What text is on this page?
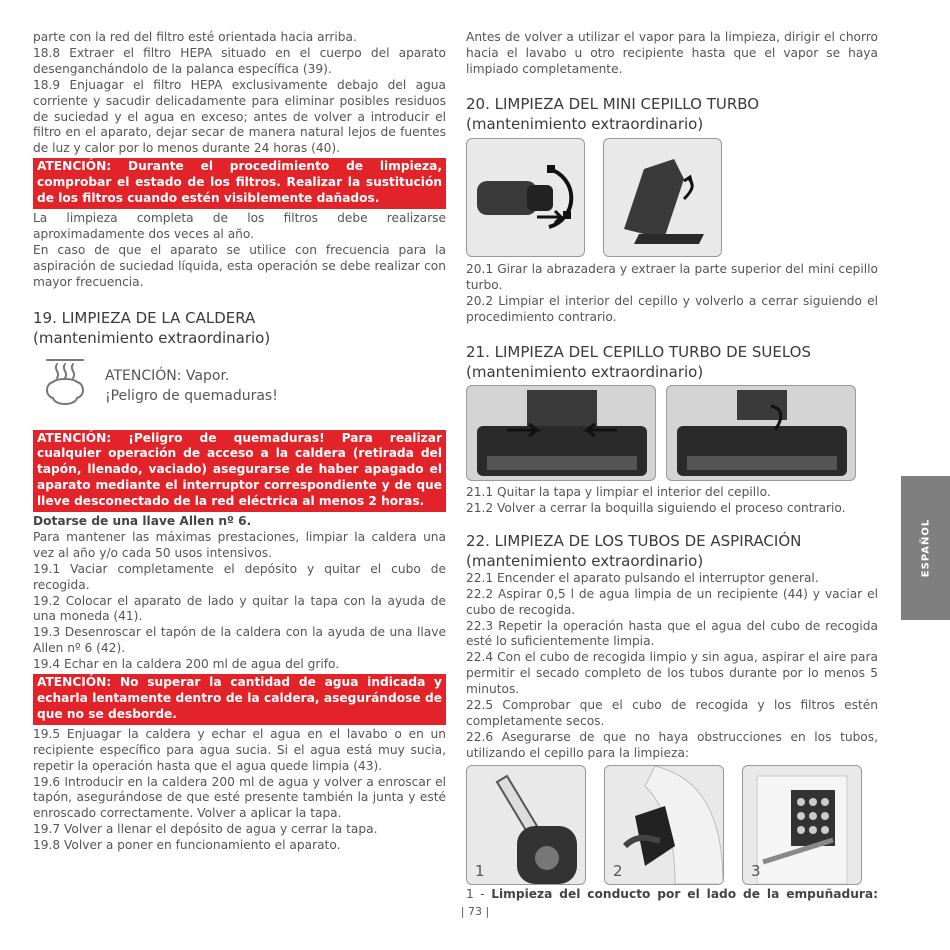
parte con la red del filtro esté orientada hacia arriba.

18.8 Extraer el filtro HEPA situado en el cuerpo del aparato desenganchándolo de la palanca específica (39).

18.9 Enjuagar el filtro HEPA exclusivamente debajo del agua corriente y sacudir delicadamente para eliminar posibles residuos de suciedad y el agua en exceso; antes de volver a introducir el filtro en el aparato, dejar secar de manera natural lejos de fuentes de luz y calor por lo menos durante 24 horas (40).

ATENCIÓN: Durante el procedimiento de limpieza, comprobar el estado de los filtros. Realizar la sustitución de los filtros cuando estén visiblemente dañados.

La limpieza completa de los filtros debe realizarse aproximadamente dos veces al año.

En caso de que el aparato se utilice con frecuencia para la aspiración de suciedad líquida, esta operación se debe realizar con mayor frecuencia.

19. LIMPIEZA DE LA CALDERA
(mantenimiento extraordinario)
ATENCIÓN: Vapor.
¡Peligro de quemaduras!
ATENCIÓN: ¡Peligro de quemaduras! Para realizar cualquier operación de acceso a la caldera (retirada del tapón, llenado, vaciado) asegurarse de haber apagado el aparato mediante el interruptor correspondiente y de que lleve desconectado de la red eléctrica al menos 2 horas.

Dotarse de una llave Allen nº 6.

Para mantener las máximas prestaciones, limpiar la caldera una vez al año y/o cada 50 usos intensivos.

19.1 Vaciar completamente el depósito y quitar el cubo de recogida.

19.2 Colocar el aparato de lado y quitar la tapa con la ayuda de una moneda (41).

19.3 Desenroscar el tapón de la caldera con la ayuda de una llave Allen nº 6 (42).

19.4 Echar en la caldera 200 ml de agua del grifo.

ATENCIÓN: No superar la cantidad de agua indicada y echarla lentamente dentro de la caldera, asegurándose de que no se desborde.

19.5 Enjuagar la caldera y echar el agua en el lavabo o en un recipiente específico para agua sucia. Si el agua está muy sucia, repetir la operación hasta que el agua quede limpia (43).

19.6 Introducir en la caldera 200 ml de agua y volver a enroscar el tapón, asegurándose de que esté presente también la junta y esté enroscado correctamente. Volver a aplicar la tapa.

19.7 Volver a llenar el depósito de agua y cerrar la tapa.

19.8 Volver a poner en funcionamiento el aparato.

Antes de volver a utilizar el vapor para la limpieza, dirigir el chorro hacia el lavabo u otro recipiente hasta que el vapor se haya limpiado completamente.

20. LIMPIEZA DEL MINI CEPILLO TURBO
(mantenimiento extraordinario)

20.1 Girar la abrazadera y extraer la parte superior del mini cepillo turbo.

20.2 Limpiar el interior del cepillo y volverlo a cerrar siguiendo el procedimiento contrario.

21. LIMPIEZA DEL CEPILLO TURBO DE SUELOS
(mantenimiento extraordinario)

21.1 Quitar la tapa y limpiar el interior del cepillo.

21.2 Volver a cerrar la boquilla siguiendo el proceso contrario.

22. LIMPIEZA DE LOS TUBOS DE ASPIRACIÓN
(mantenimiento extraordinario)

22.1 Encender el aparato pulsando el interruptor general.

22.2 Aspirar 0,5 l de agua limpia de un recipiente (44) y vaciar el cubo de recogida.

22.3 Repetir la operación hasta que el agua del cubo de recogida esté lo suficientemente limpia.

22.4 Con el cubo de recogida limpio y sin agua, aspirar el aire para permitir el secado completo de los tubos durante por lo menos 5 minutos.

22.5 Comprobar que el cubo de recogida y los filtros estén completamente secos.

22.6 Asegurarse de que no haya obstrucciones en los tubos, utilizando el cepillo para la limpieza:

1	2	3

1 - Limpieza del conducto por el lado de la empuñadura:

ESPAÑOL
| 73 |
